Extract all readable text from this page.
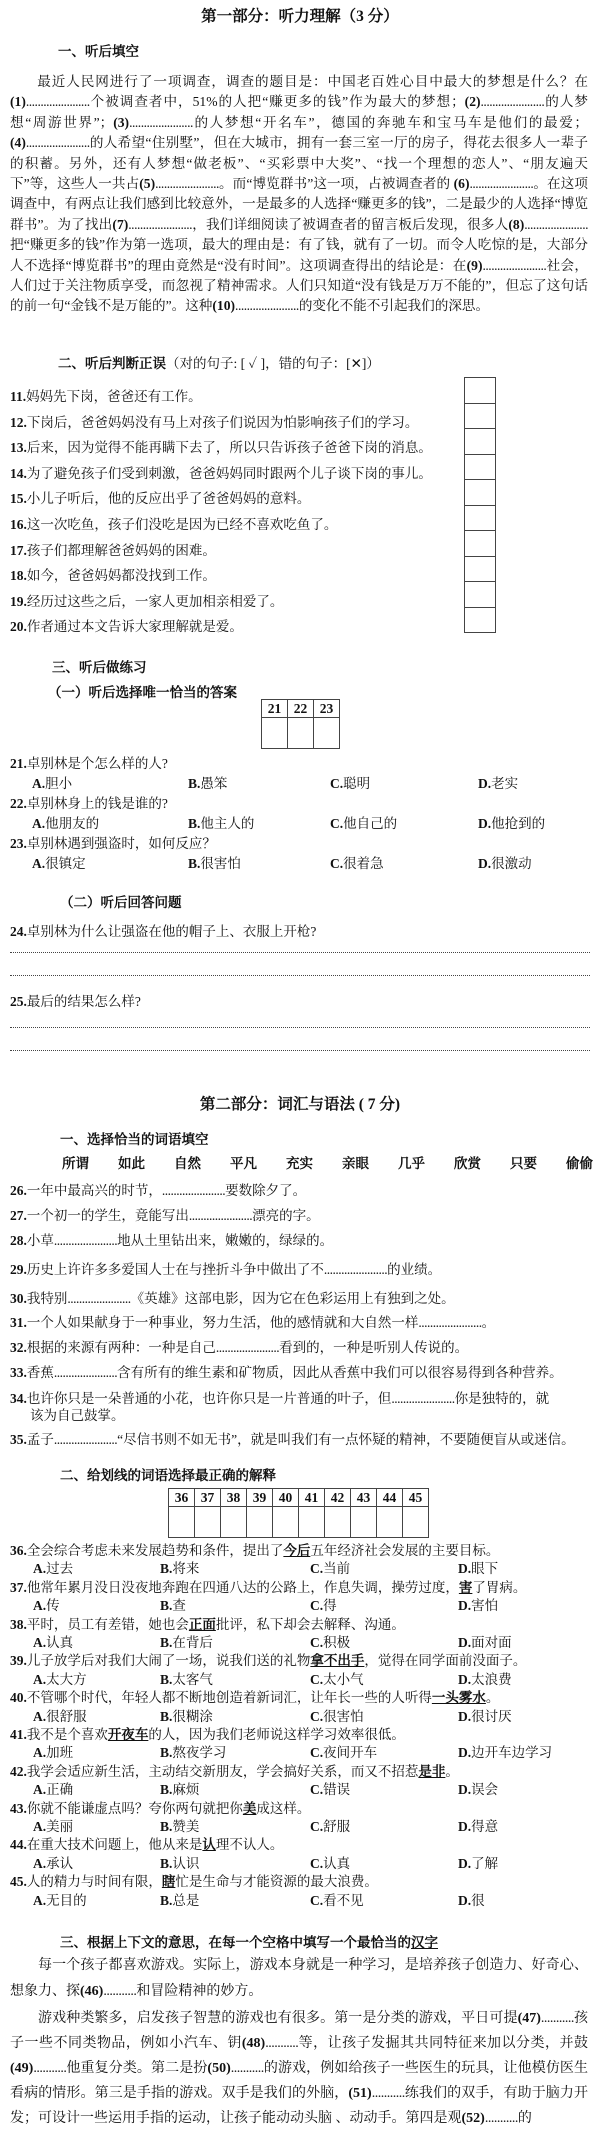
第一部分：听力理解（3 分）
一、听后填空
最近人民网进行了一项调查，调查的题目是：中国老百姓心目中最大的梦想是什么？在(1)......................个被调查者中，51%的人把“赚更多的钱”作为最大的梦想；(2)......................的人梦想“周游世界”；(3)......................的人梦想“开名车”，德国的奔驰车和宝马车是他们的最爱；(4)......................的人希望“住别墅”，但在大城市，拥有一套三室一厅的房子，得花去很多人一辈子的积蓄。另外，还有人梦想“做老板”、“买彩票中大奖”、“找一个理想的恋人”、“朋友遍天下”等，这些人一共占(5)......................。而“博览群书”这一项，占被调查者的 (6)......................。在这项调查中，有两点让我们感到比较意外，一是最多的人选择“赚更多的钱”，二是最少的人选择“博览群书”。为了找出(7)......................，我们详细阅读了被调查者的留言板后发现，很多人(8)......................把“赚更多的钱”作为第一选项，最大的理由是：有了钱，就有了一切。而令人吃惊的是，大部分人不选择“博览群书”的理由竟然是“没有时间”。这项调查得出的结论是：在(9)......................社会，人们过于关注物质享受，而忽视了精神需求。人们只知道“没有钱是万万不能的”，但忘了这句话的前一句“金钱不是万能的”。这种(10)......................的变化不能不引起我们的深思。
二、听后判断正误（对的句子: [ ✓ ]，错的句子：[✕]）
11.妈妈先下岗，爸爸还有工作。
12.下岗后，爸爸妈妈没有马上对孩子们说因为怕影响孩子们的学习。
13.后来，因为觉得不能再瞒下去了，所以只告诉孩子爸爸下岗的消息。
14.为了避免孩子们受到刺激，爸爸妈妈同时跟两个儿子谈下岗的事儿。
15.小儿子听后，他的反应出乎了爸爸妈妈的意料。
16.这一次吃鱼，孩子们没吃是因为已经不喜欢吃鱼了。
17.孩子们都理解爸爸妈妈的困难。
18.如今，爸爸妈妈都没找到工作。
19.经历过这些之后，一家人更加相亲相爱了。
20.作者通过本文告诉大家理解就是爱。
三、听后做练习
（一）听后选择唯一恰当的答案
21	22	23

21.卓别林是个怎么样的人?
A.胆小	B.愚笨	C.聪明	D.老实
22.卓别林身上的钱是谁的?
A.他朋友的	B.他主人的	C.他自己的	D.他抢到的
23.卓别林遇到强盗时，如何反应？
A.很镇定	B.很害怕	C.很着急	D.很激动
（二）听后回答问题
24.卓别林为什么让强盗在他的帽子上、衣服上开枪?
25.最后的结果怎么样?
第二部分：词汇与语法 ( 7 分)
一、选择恰当的词语填空
所谓 如此 自然 平凡 充实 亲眼 几乎 欣赏 只要 偷偷
26.一年中最高兴的时节，......................要数除夕了。
27.一个初一的学生，竟能写出......................漂亮的字。
28.小草......................地从土里钻出来，嫩嫩的，绿绿的。
29.历史上许许多多爱国人士在与挫折斗争中做出了不......................的业绩。
30.我特别......................《英雄》这部电影，因为它在色彩运用上有独到之处。
31.一个人如果献身于一种事业，努力生活，他的感情就和大自然一样......................。
32.根据的来源有两种：一种是自己......................看到的，一种是听别人传说的。
33.香蕉......................含有所有的维生素和矿物质，因此从香蕉中我们可以很容易得到各种营养。
34.也许你只是一朵普通的小花，也许你只是一片普通的叶子，但......................你是独特的，就
该为自己鼓掌。
35.孟子......................“尽信书则不如无书”，就是叫我们有一点怀疑的精神，不要随便盲从或迷信。
二、给划线的词语选择最正确的解释
36	37	38	39	40	41	42	43	44	45

36.全会综合考虑未来发展趋势和条件，提出了今后五年经济社会发展的主要目标。
A.过去	B.将来	C.当前	D.眼下
37.他常年累月没日没夜地奔跑在四通八达的公路上，作息失调，操劳过度，害了胃病。
A.传	B.查	C.得	D.害怕
38.平时，员工有差错，她也会正面批评，私下却会去解释、沟通。
A.认真	B.在背后	C.积极	D.面对面
39.儿子放学后对我们大闹了一场，说我们送的礼物拿不出手，觉得在同学面前没面子。
A.太大方	B.太客气	C.太小气	D.太浪费
40.不管哪个时代，年轻人都不断地创造着新词汇，让年长一些的人听得一头雾水。
A.很舒服	B.很糊涂	C.很害怕	D.很讨厌
41.我不是个喜欢开夜车的人，因为我们老师说这样学习效率很低。
A.加班	B.熬夜学习	C.夜间开车	D.边开车边学习
42.我学会适应新生活，主动结交新朋友，学会搞好关系，而又不招惹是非。
A.正确	B.麻烦	C.错误	D.误会
43.你就不能谦虚点吗？夸你两句就把你美成这样。
A.美丽	B.赞美	C.舒服	D.得意
44.在重大技术问题上，他从来是认理不认人。
A.承认	B.认识	C.认真	D.了解
45.人的精力与时间有限，瞎忙是生命与才能资源的最大浪费。
A.无目的	B.总是	C.看不见	D.很
三、根据上下文的意思，在每一个空格中填写一个最恰当的汉字
每一个孩子都喜欢游戏。实际上，游戏本身就是一种学习，是培养孩子创造力、好奇心、想象力、探(46)...........和冒险精神的妙方。
游戏种类繁多，启发孩子智慧的游戏也有很多。第一是分类的游戏，平日可提(47)...........孩子一些不同类物品，例如小汽车、钥(48)...........等，让孩子发掘其共同特征来加以分类，并鼓(49)...........他重复分类。第二是扮(50)...........的游戏，例如给孩子一些医生的玩具，让他模仿医生看病的情形。第三是手指的游戏。双手是我们的外脑，(51)...........练我们的双手，有助于脑力开发；可设计一些运用手指的运动，让孩子能动动头脑 、动动手。第四是观(52)...........的
